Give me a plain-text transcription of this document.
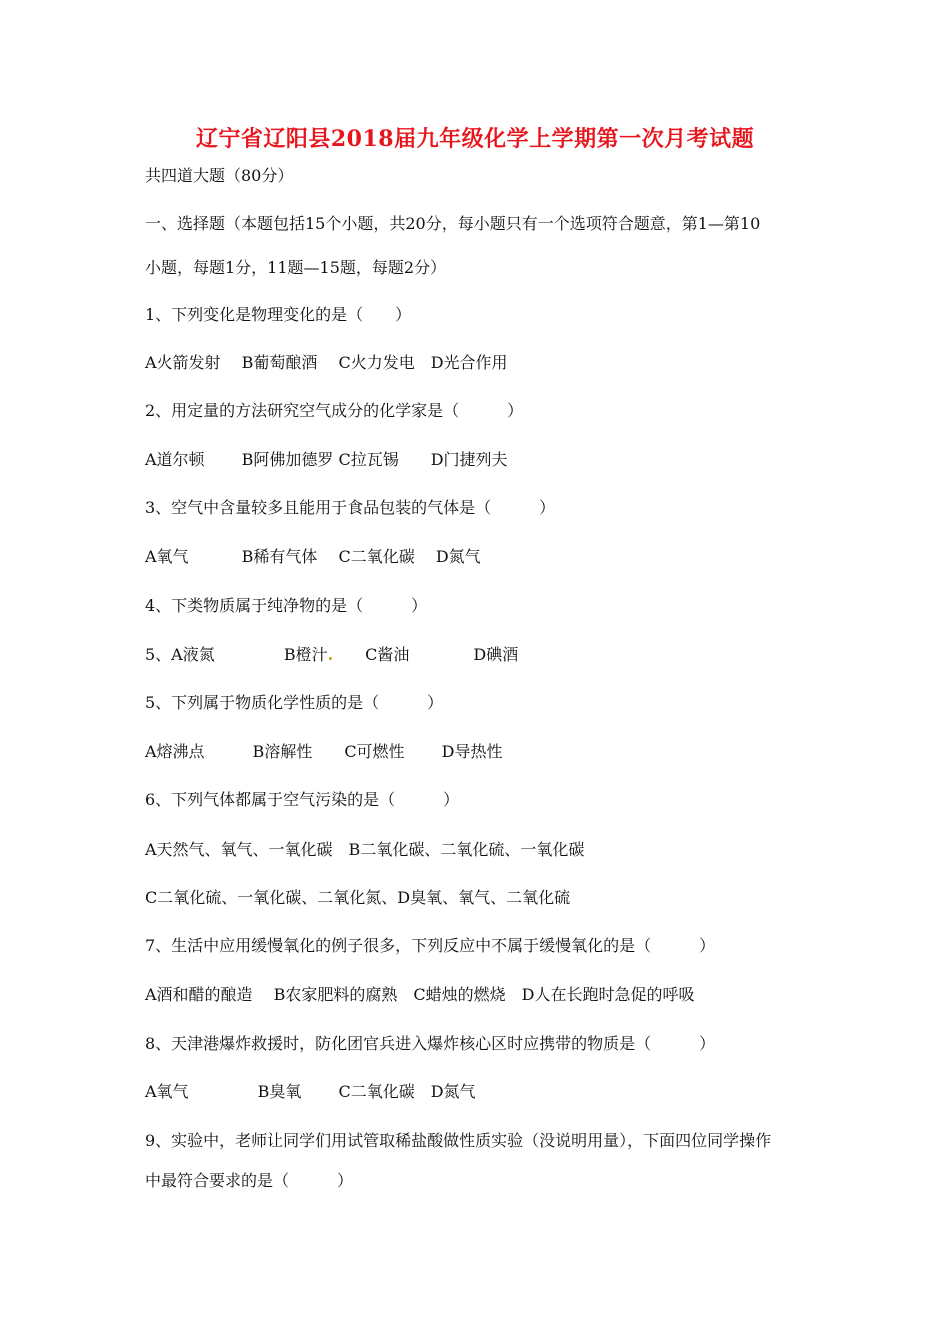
辽宁省辽阳县2018届九年级化学上学期第一次月考试题
共四道大题（80分）
一、选择题（本题包括15个小题，共20分，每小题只有一个选项符合题意，第1—第10
小题，每题1分，11题—15题，每题2分）
1、下列变化是物理变化的是（　　）
A火箭发射　 B葡萄酿酒　 C火力发电　D光合作用
2、用定量的方法研究空气成分的化学家是（　　　）
A道尔顿　　 B阿佛加德罗 C拉瓦锡　　D门捷列夫
3、空气中含量较多且能用于食品包装的气体是（　　　）
A氧气　　　 B稀有气体　 C二氧化碳　 D氮气
4、下类物质属于纯净物的是（　　　）
5、A液氮　　　　 B橙汁.　　C酱油　　　　D碘酒
5、下列属于物质化学性质的是（　　　）
A熔沸点　　　B溶解性　　C可燃性　　 D导热性
6、下列气体都属于空气污染的是（　　　）
A天然气、氧气、一氧化碳　B二氧化碳、二氧化硫、一氧化碳
C二氧化硫、一氧化碳、二氧化氮、D臭氧、氧气、二氧化硫
7、生活中应用缓慢氧化的例子很多，下列反应中不属于缓慢氧化的是（　　　）
A酒和醋的酿造　 B农家肥料的腐熟　C蜡烛的燃烧　D人在长跑时急促的呼吸
8、天津港爆炸救援时，防化团官兵进入爆炸核心区时应携带的物质是（　　　）
A氧气　　　　 B臭氧　　 C二氧化碳　D氮气
9、实验中，老师让同学们用试管取稀盐酸做性质实验（没说明用量），下面四位同学操作
中最符合要求的是（　　　）
